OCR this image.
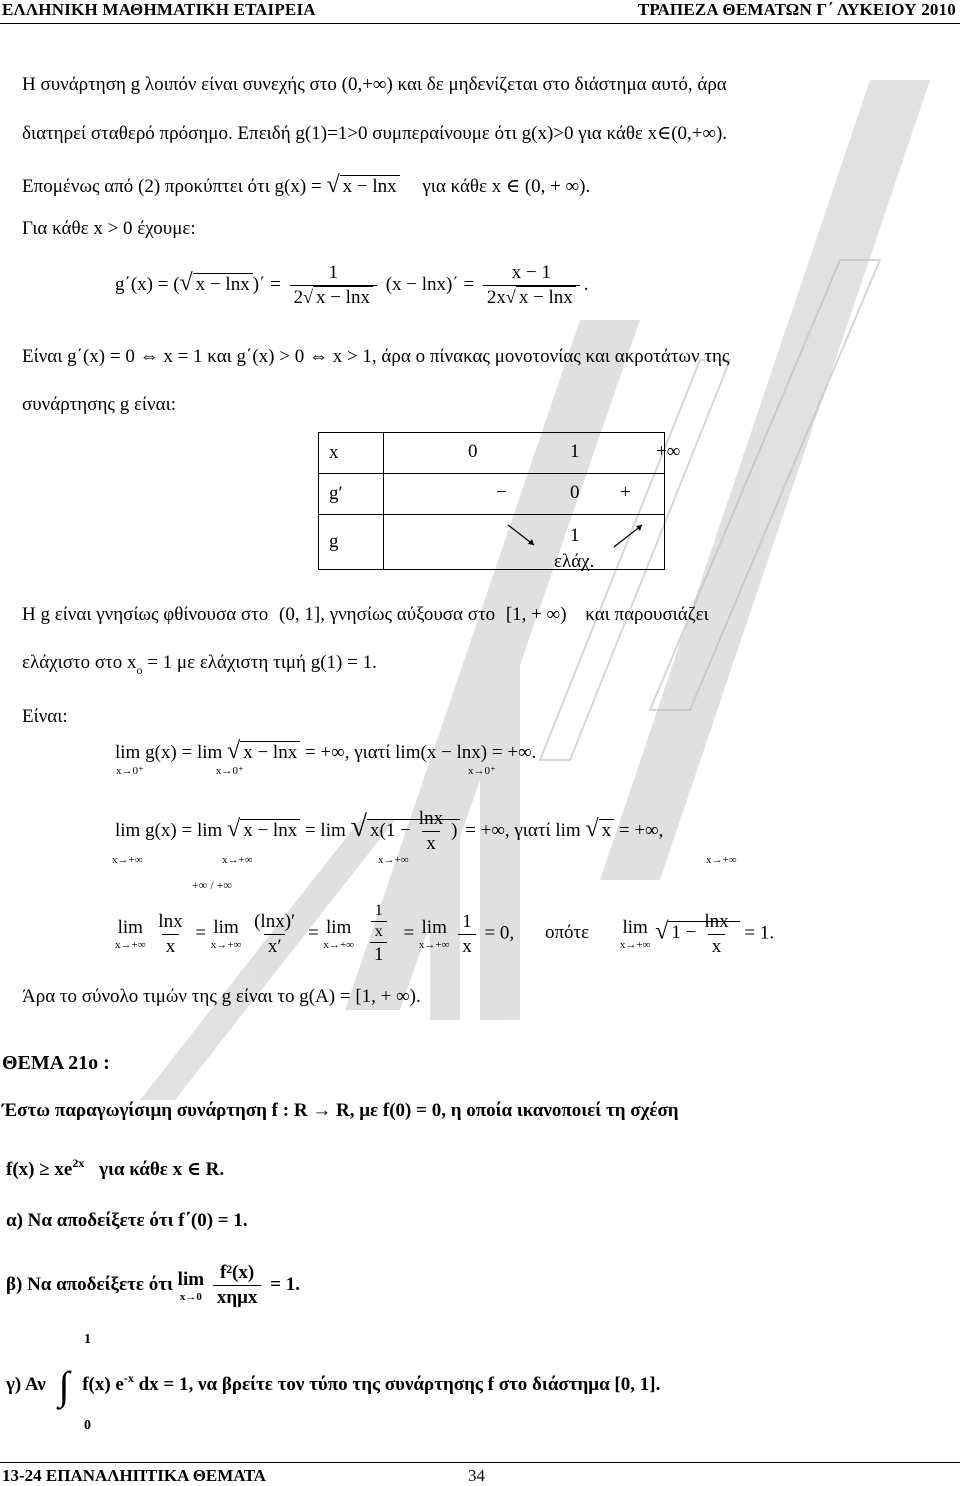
ΕΛΛΗΝΙΚΗ ΜΑΘΗΜΑΤΙΚΗ ΕΤΑΙΡΕΙΑ	ΤΡΑΠΕΖΑ ΘΕΜΑΤΩΝ Γ΄ ΛΥΚΕΙΟΥ 2010
Η συνάρτηση g λοιπόν είναι συνεχής στο (0,+∞) και δε μηδενίζεται στο διάστημα αυτό, άρα
διατηρεί σταθερό πρόσημο. Επειδή g(1)=1>0 συμπεραίνουμε ότι g(x)>0 για κάθε x∈(0,+∞).
Επομένως από (2) προκύπτει ότι g(x) = √ x − lnx για κάθε x ∈ (0, + ∞).
Για κάθε x > 0 έχουμε:
g΄(x) = (√ x − lnx )΄ = $\frac{1}{2√ x - \ln x} (x - \ln x)΄ = \frac{x - 1}{2x√ x - \ln x}$ .
Είναι g΄(x) = 0 ⇔ x = 1 και g΄(x) > 0 ⇔ x > 1, άρα ο πίνακας μονοτονίας και ακροτάτων της
συνάρτησης g είναι:
x	0 1 +∞

g′	− 0 +

g	1
ελάχ.
Η g είναι γνησίως φθίνουσα στο (0, 1], γνησίως αύξουσα στο [1, + ∞) και παρουσιάζει
ελάχιστο στο $x_o = 1$ με ελάχιστη τιμή g(1) = 1.
Είναι:
lim g(x) = lim √ x − lnx = +∞, γιατί lim(x − lnx) = +∞.
x→0⁺	x→0⁺	x→0⁺
lim g(x) = lim √ x − lnx = lim √ $x(1 - \frac{\ln x}{x}$ ) = +∞, γιατί lim √ x = +∞,
x→+∞	x→+∞	x→+∞	x→+∞
+∞ / +∞
lim
x→+∞
$\frac{\ln x}{x} = \lim$
x→+∞
$\frac{(\ln x)'}{x'} = \lim$
x→+∞
$\frac{\frac{1}{x}}{1} = \lim$
x→+∞
$\frac{1}{x} = 0$, οπότε lim
x→+∞
√ $1 - \frac{\ln x}{x} = 1$.
Άρα το σύνολο τιμών της g είναι το g(A) = [1, + ∞).
ΘΕΜΑ 21ο :
Έστω παραγωγίσιμη συνάρτηση f : R → R, με f(0) = 0, η οποία ικανοποιεί τη σχέση
$f(x) \ge xe^{2x}$ για κάθε x ∈ R.
α) Να αποδείξετε ότι f΄(0) = 1.
β) Να αποδείξετε ότι lim
x→0
$\frac{\text{f²(x)}}{\text{xημx}} = 1$.
1
0
γ) Αν ∫ f(x) $e^{-x}$ dx = 1, να βρείτε τον τύπο της συνάρτησης f στο διάστημα [0, 1].
13-24 ΕΠΑΝΑΛΗΠΤΙΚΑ ΘΕΜΑΤΑ	34
